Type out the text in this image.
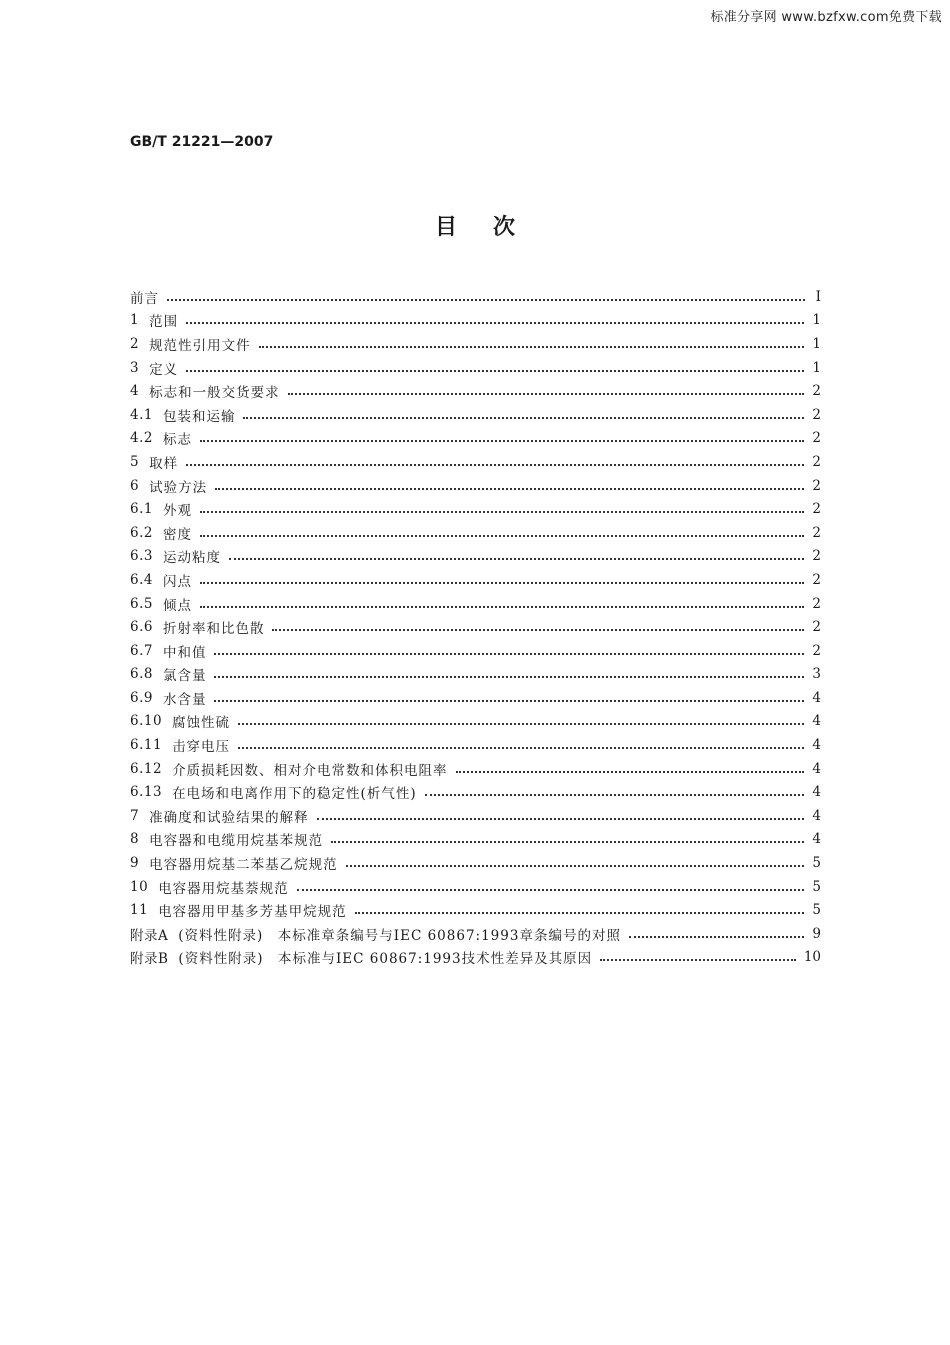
标准分享网 www.bzfxw.com免费下载
GB/T 21221—2007
目次
前言	I
1 范围	1
2 规范性引用文件	1
3 定义	1
4 标志和一般交货要求	2
4.1 包装和运输	2
4.2 标志	2
5 取样	2
6 试验方法	2
6.1 外观	2
6.2 密度	2
6.3 运动粘度	2
6.4 闪点	2
6.5 倾点	2
6.6 折射率和比色散	2
6.7 中和值	2
6.8 氯含量	3
6.9 水含量	4
6.10 腐蚀性硫	4
6.11 击穿电压	4
6.12 介质损耗因数、相对介电常数和体积电阻率	4
6.13 在电场和电离作用下的稳定性(析气性)	4
7 准确度和试验结果的解释	4
8 电容器和电缆用烷基苯规范	4
9 电容器用烷基二苯基乙烷规范	5
10 电容器用烷基萘规范	5
11 电容器用甲基多芳基甲烷规范	5
附录A (资料性附录)　本标准章条编号与IEC 60867:1993章条编号的对照	9
附录B (资料性附录)　本标准与IEC 60867:1993技术性差异及其原因	10
